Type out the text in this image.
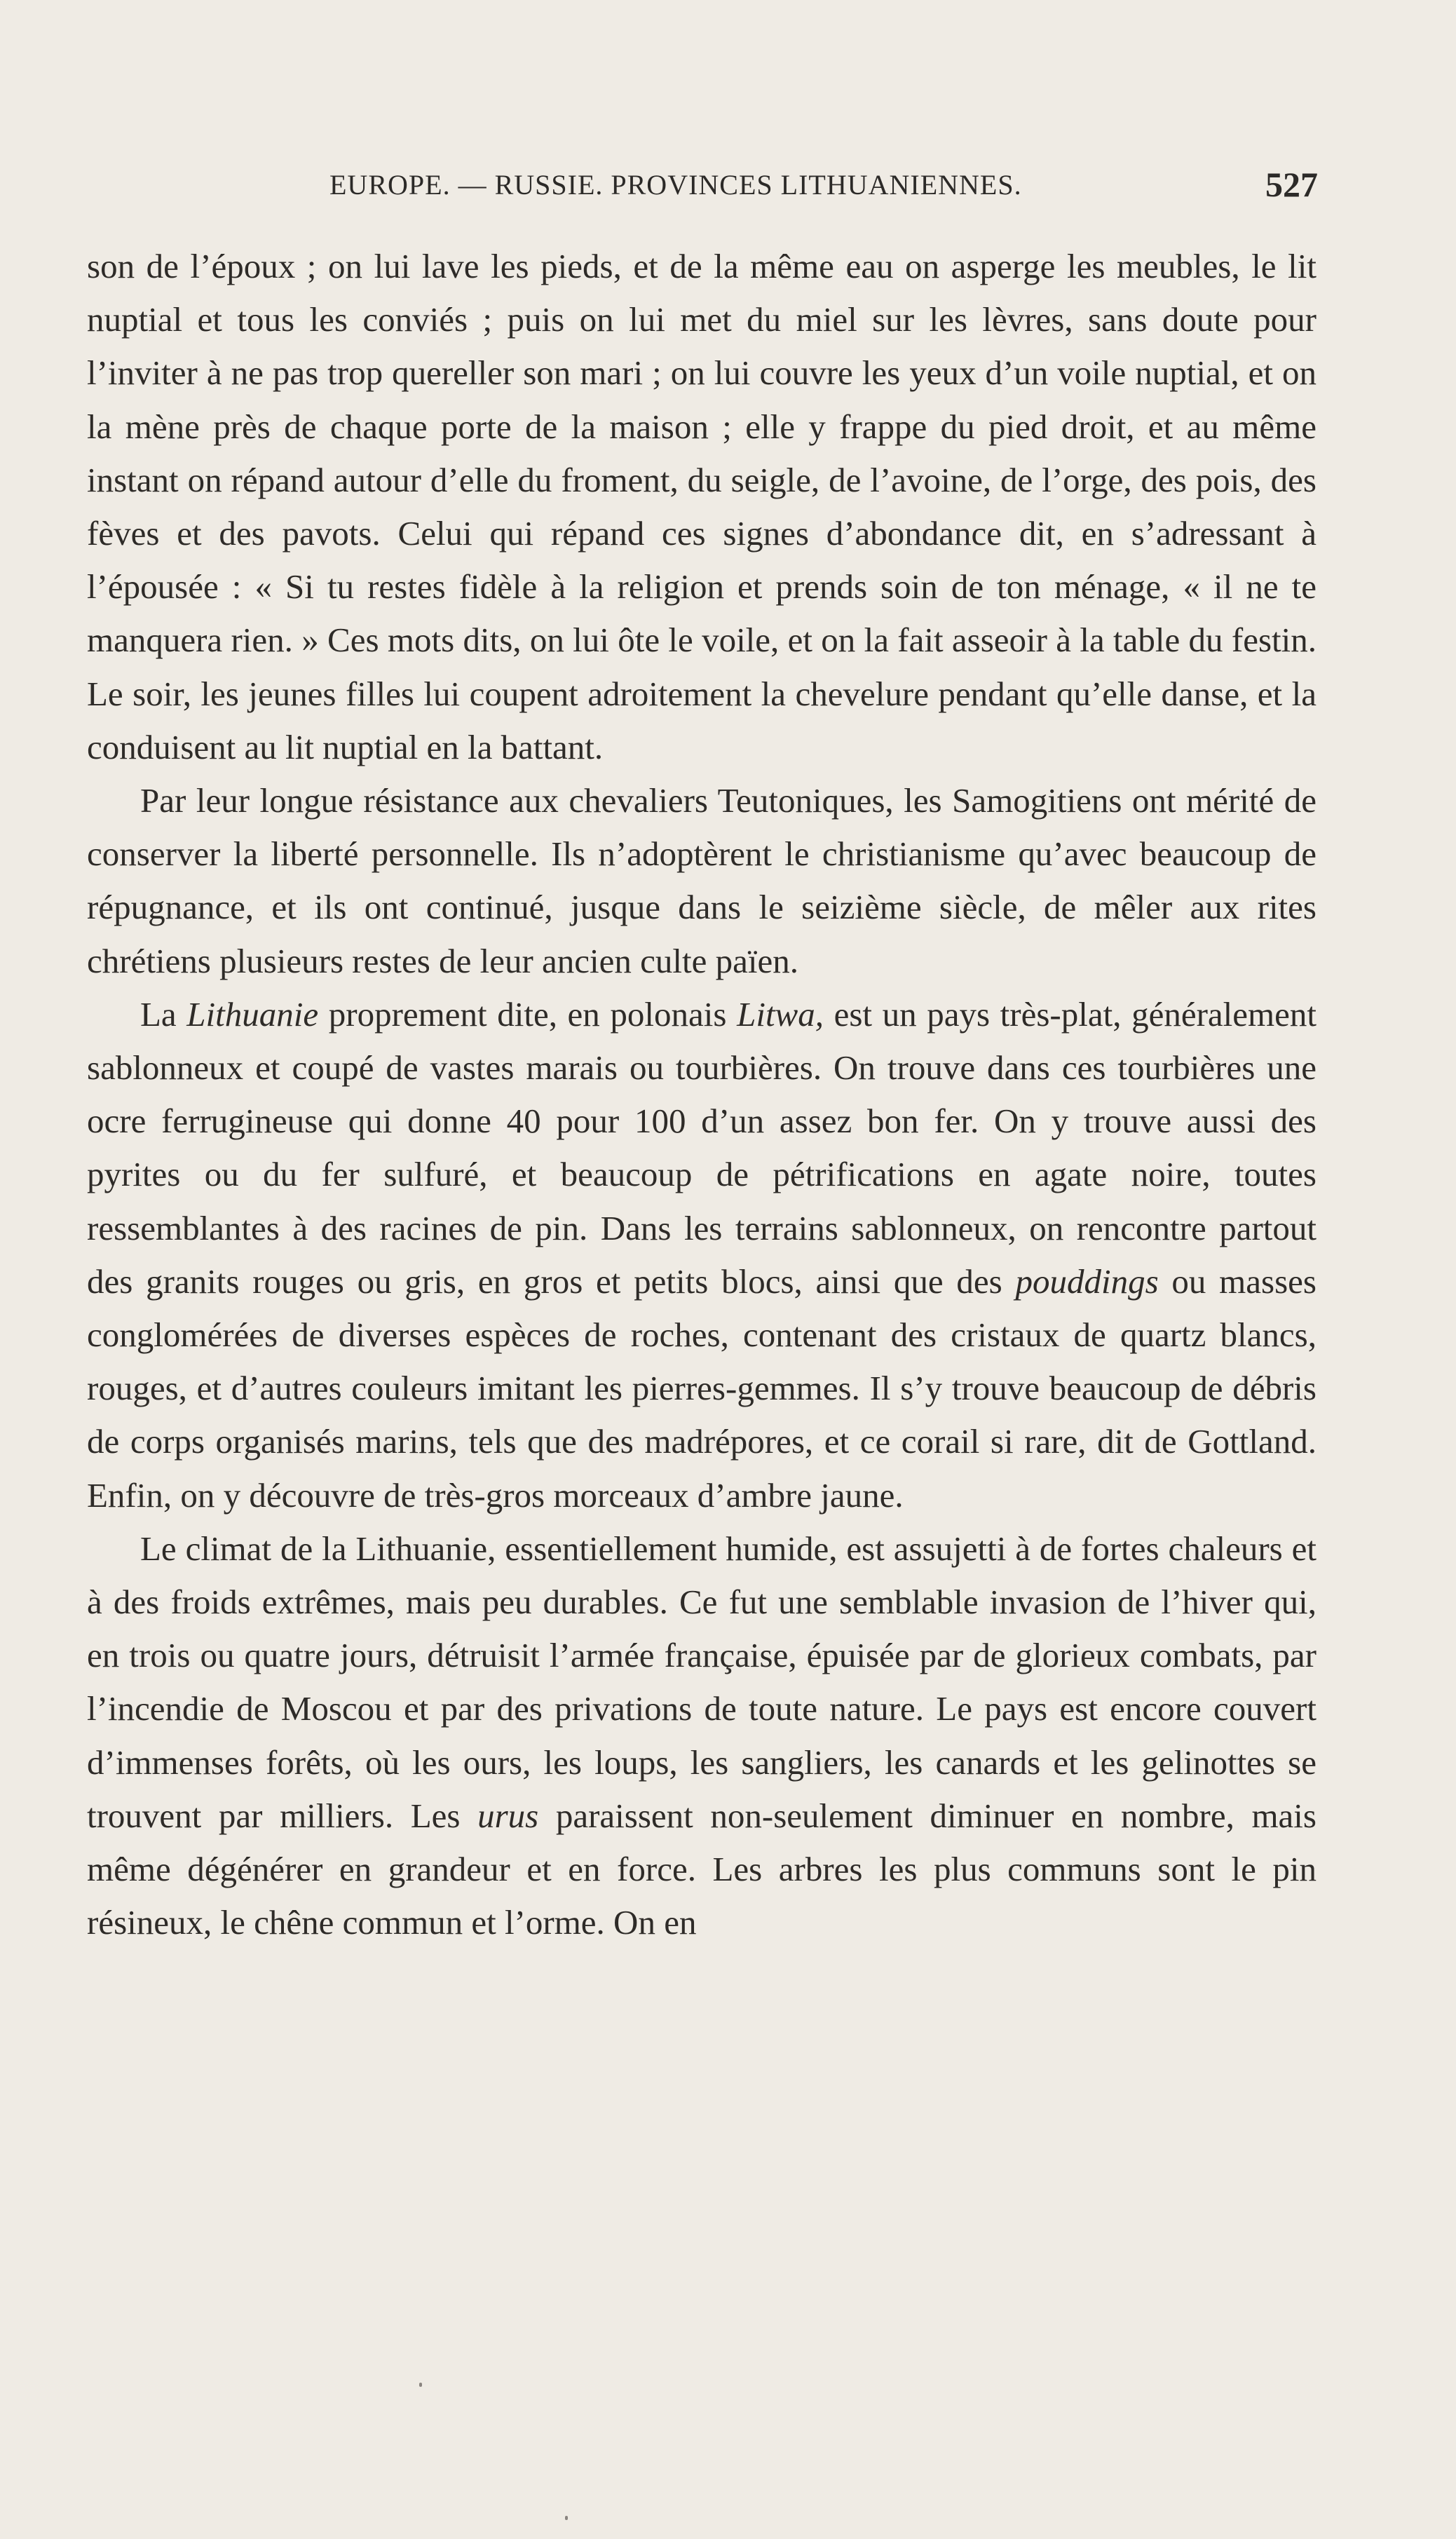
EUROPE. — RUSSIE. PROVINCES LITHUANIENNES.	527

son de l’époux ; on lui lave les pieds, et de la même eau on asperge les meubles, le lit nuptial et tous les conviés ; puis on lui met du miel sur les lèvres, sans doute pour l’inviter à ne pas trop quereller son mari ; on lui couvre les yeux d’un voile nuptial, et on la mène près de chaque porte de la maison ; elle y frappe du pied droit, et au même instant on répand autour d’elle du froment, du seigle, de l’avoine, de l’orge, des pois, des fèves et des pavots. Celui qui répand ces signes d’abondance dit, en s’adressant à l’épousée : « Si tu restes fidèle à la religion et prends soin de ton ménage, « il ne te manquera rien. » Ces mots dits, on lui ôte le voile, et on la fait asseoir à la table du festin. Le soir, les jeunes filles lui coupent adroitement la chevelure pendant qu’elle danse, et la conduisent au lit nuptial en la battant.

Par leur longue résistance aux chevaliers Teutoniques, les Samogitiens ont mérité de conserver la liberté personnelle. Ils n’adoptèrent le christianisme qu’avec beaucoup de répugnance, et ils ont continué, jusque dans le seizième siècle, de mêler aux rites chrétiens plusieurs restes de leur ancien culte païen.

La Lithuanie proprement dite, en polonais Litwa, est un pays très-plat, généralement sablonneux et coupé de vastes marais ou tourbières. On trouve dans ces tourbières une ocre ferrugineuse qui donne 40 pour 100 d’un assez bon fer. On y trouve aussi des pyrites ou du fer sulfuré, et beaucoup de pétrifications en agate noire, toutes ressemblantes à des racines de pin. Dans les terrains sablonneux, on rencontre partout des granits rouges ou gris, en gros et petits blocs, ainsi que des pouddings ou masses conglomérées de diverses espèces de roches, contenant des cristaux de quartz blancs, rouges, et d’autres couleurs imitant les pierres-gemmes. Il s’y trouve beaucoup de débris de corps organisés marins, tels que des madrépores, et ce corail si rare, dit de Gottland. Enfin, on y découvre de très-gros morceaux d’ambre jaune.

Le climat de la Lithuanie, essentiellement humide, est assujetti à de fortes chaleurs et à des froids extrêmes, mais peu durables. Ce fut une semblable invasion de l’hiver qui, en trois ou quatre jours, détruisit l’armée française, épuisée par de glorieux combats, par l’incendie de Moscou et par des privations de toute nature. Le pays est encore couvert d’immenses forêts, où les ours, les loups, les sangliers, les canards et les gelinottes se trouvent par milliers. Les urus paraissent non-seulement diminuer en nombre, mais même dégénérer en grandeur et en force. Les arbres les plus communs sont le pin résineux, le chêne commun et l’orme. On en
